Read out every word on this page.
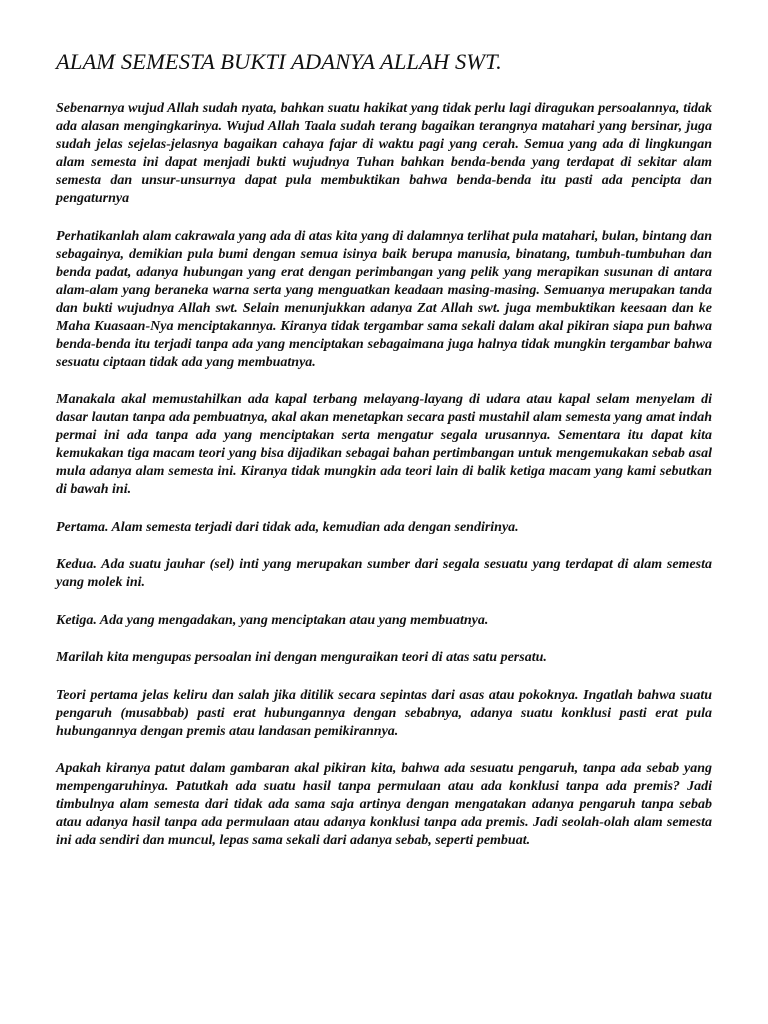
ALAM SEMESTA BUKTI ADANYA ALLAH SWT.

Sebenarnya wujud Allah sudah nyata, bahkan suatu hakikat yang tidak perlu lagi diragukan persoalannya, tidak ada alasan mengingkarinya. Wujud Allah Taala sudah terang bagaikan terangnya matahari yang bersinar, juga sudah jelas sejelas-jelasnya bagaikan cahaya fajar di waktu pagi yang cerah. Semua yang ada di lingkungan alam semesta ini dapat menjadi bukti wujudnya Tuhan bahkan benda-benda yang terdapat di sekitar alam semesta dan unsur-unsurnya dapat pula membuktikan bahwa benda-benda itu pasti ada pencipta dan pengaturnya

Perhatikanlah alam cakrawala yang ada di atas kita yang di dalamnya terlihat pula matahari, bulan, bintang dan sebagainya, demikian pula bumi dengan semua isinya baik berupa manusia, binatang, tumbuh-tumbuhan dan benda padat, adanya hubungan yang erat dengan perimbangan yang pelik yang merapikan susunan di antara alam-alam yang beraneka warna serta yang menguatkan keadaan masing-masing. Semuanya merupakan tanda dan bukti wujudnya Allah swt. Selain menunjukkan adanya Zat Allah swt. juga membuktikan keesaan dan ke Maha Kuasaan-Nya menciptakannya. Kiranya tidak tergambar sama sekali dalam akal pikiran siapa pun bahwa benda-benda itu terjadi tanpa ada yang menciptakan sebagaimana juga halnya tidak mungkin tergambar bahwa sesuatu ciptaan tidak ada yang membuatnya.

Manakala akal memustahilkan ada kapal terbang melayang-layang di udara atau kapal selam menyelam di dasar lautan tanpa ada pembuatnya, akal akan menetapkan secara pasti mustahil alam semesta yang amat indah permai ini ada tanpa ada yang menciptakan serta mengatur segala urusannya. Sementara itu dapat kita kemukakan tiga macam teori yang bisa dijadikan sebagai bahan pertimbangan untuk mengemukakan sebab asal mula adanya alam semesta ini. Kiranya tidak mungkin ada teori lain di balik ketiga macam yang kami sebutkan di bawah ini.

Pertama. Alam semesta terjadi dari tidak ada, kemudian ada dengan sendirinya.

Kedua. Ada suatu jauhar (sel) inti yang merupakan sumber dari segala sesuatu yang terdapat di alam semesta yang molek ini.

Ketiga. Ada yang mengadakan, yang menciptakan atau yang membuatnya.

Marilah kita mengupas persoalan ini dengan menguraikan teori di atas satu persatu.

Teori pertama jelas keliru dan salah jika ditilik secara sepintas dari asas atau pokoknya. Ingatlah bahwa suatu pengaruh (musabbab) pasti erat hubungannya dengan sebabnya, adanya suatu konklusi pasti erat pula hubungannya dengan premis atau landasan pemikirannya.

Apakah kiranya patut dalam gambaran akal pikiran kita, bahwa ada sesuatu pengaruh, tanpa ada sebab yang mempengaruhinya. Patutkah ada suatu hasil tanpa permulaan atau ada konklusi tanpa ada premis? Jadi timbulnya alam semesta dari tidak ada sama saja artinya dengan mengatakan adanya pengaruh tanpa sebab atau adanya hasil tanpa ada permulaan atau adanya konklusi tanpa ada premis. Jadi seolah-olah alam semesta ini ada sendiri dan muncul, lepas sama sekali dari adanya sebab, seperti pembuat.
